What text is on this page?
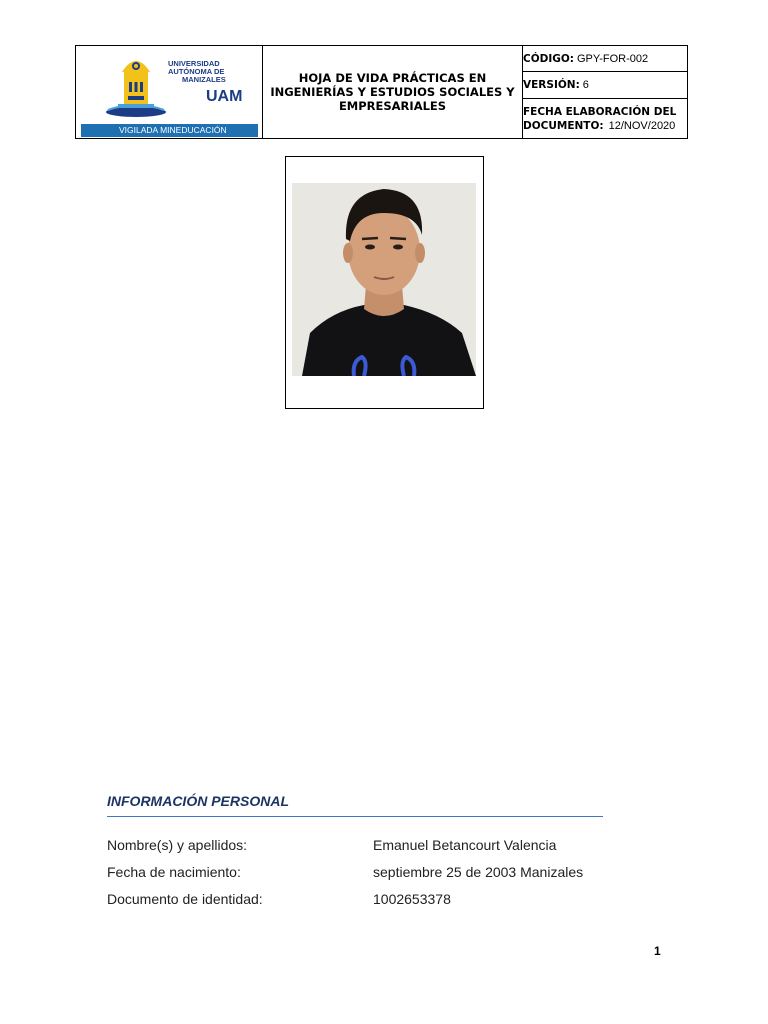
UNIVERSIDAD
AUTÓNOMA DE
MANIZALES
UAM
VIGILADA MINEDUCACIÓN
HOJA DE VIDA PRÁCTICAS EN INGENIERÍAS Y ESTUDIOS SOCIALES Y EMPRESARIALES
CÓDIGO: GPY-FOR-002
VERSIÓN: 6
FECHA ELABORACIÓN DEL
DOCUMENTO: 12/NOV/2020
INFORMACIÓN PERSONAL
Nombre(s) y apellidos:	Emanuel Betancourt Valencia
Fecha de nacimiento:	septiembre 25 de 2003 Manizales
Documento de identidad:	1002653378
1
